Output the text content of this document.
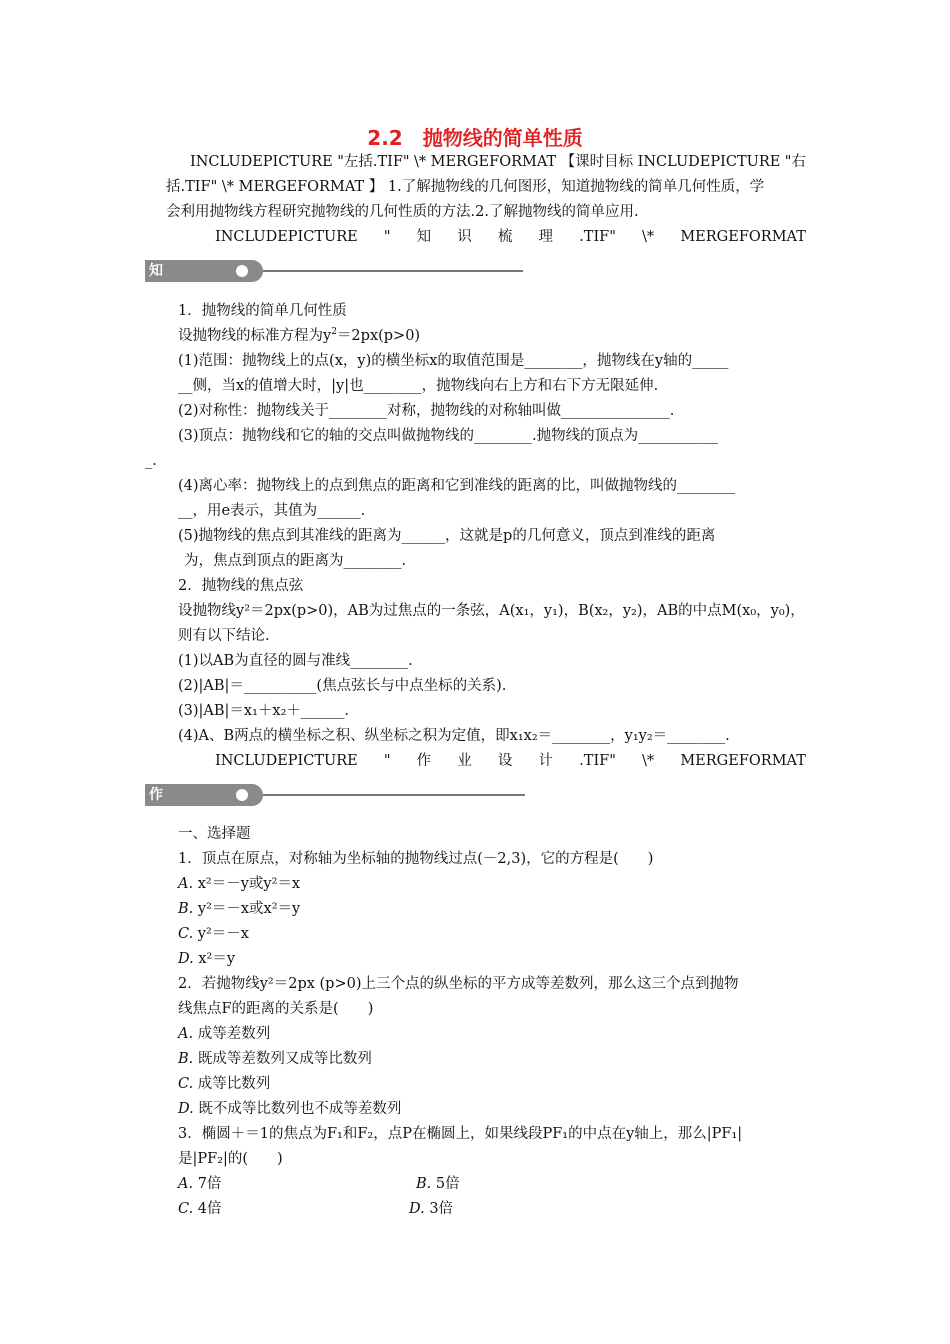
2.2　抛物线的简单性质
INCLUDEPICTURE "左括.TIF" \* MERGEFORMAT 【课时目标 INCLUDEPICTURE "右
括.TIF" \* MERGEFORMAT 】 1.了解抛物线的几何图形，知道抛物线的简单几何性质，学
会利用抛物线方程研究抛物线的几何性质的方法.2.了解抛物线的简单应用.
INCLUDEPICTURE " 知 识 梳 理 .TIF" \* MERGEFORMAT
知识梳理
1．抛物线的简单几何性质
设抛物线的标准方程为$y^2=2px(p>0)$
(1)范围：抛物线上的点(x，y)的横坐标x的取值范围是________，抛物线在y轴的_____
__侧，当x的值增大时，|y|也________，抛物线向右上方和右下方无限延伸.
(2)对称性：抛物线关于________对称，抛物线的对称轴叫做_______________.
(3)顶点：抛物线和它的轴的交点叫做抛物线的________.抛物线的顶点为___________
_.
(4)离心率：抛物线上的点到焦点的距离和它到准线的距离的比，叫做抛物线的________
__，用e表示，其值为______.
(5)抛物线的焦点到其准线的距离为______，这就是p的几何意义，顶点到准线的距离
为，焦点到顶点的距离为________.
2．抛物线的焦点弦
设抛物线y²＝2px(p>0)，AB为过焦点的一条弦，A(x₁，y₁)，B(x₂，y₂)，AB的中点M(x₀，y₀)，
则有以下结论.
(1)以AB为直径的圆与准线________.
(2)|AB|＝__________(焦点弦长与中点坐标的关系).
(3)|AB|＝x₁＋x₂＋______.
(4)A、B两点的横坐标之积、纵坐标之积为定值，即x₁x₂＝________，y₁y₂＝________.
INCLUDEPICTURE " 作 业 设 计 .TIF" \* MERGEFORMAT
作业设计
一、选择题
1．顶点在原点，对称轴为坐标轴的抛物线过点(－2,3)，它的方程是(　　)
A. x²＝－y或y²＝x
B. y²＝－x或x²＝y
C. y²＝－x
D. x²＝y
2．若抛物线y²＝2px (p>0)上三个点的纵坐标的平方成等差数列，那么这三个点到抛物
线焦点F的距离的关系是(　　)
A. 成等差数列
B. 既成等差数列又成等比数列
C. 成等比数列
D. 既不成等比数列也不成等差数列
3．椭圆＋＝1的焦点为F₁和F₂，点P在椭圆上，如果线段PF₁的中点在y轴上，那么|PF₁|
是|PF₂|的(　　)
A. 7倍	B. 5倍
C. 4倍	D. 3倍
